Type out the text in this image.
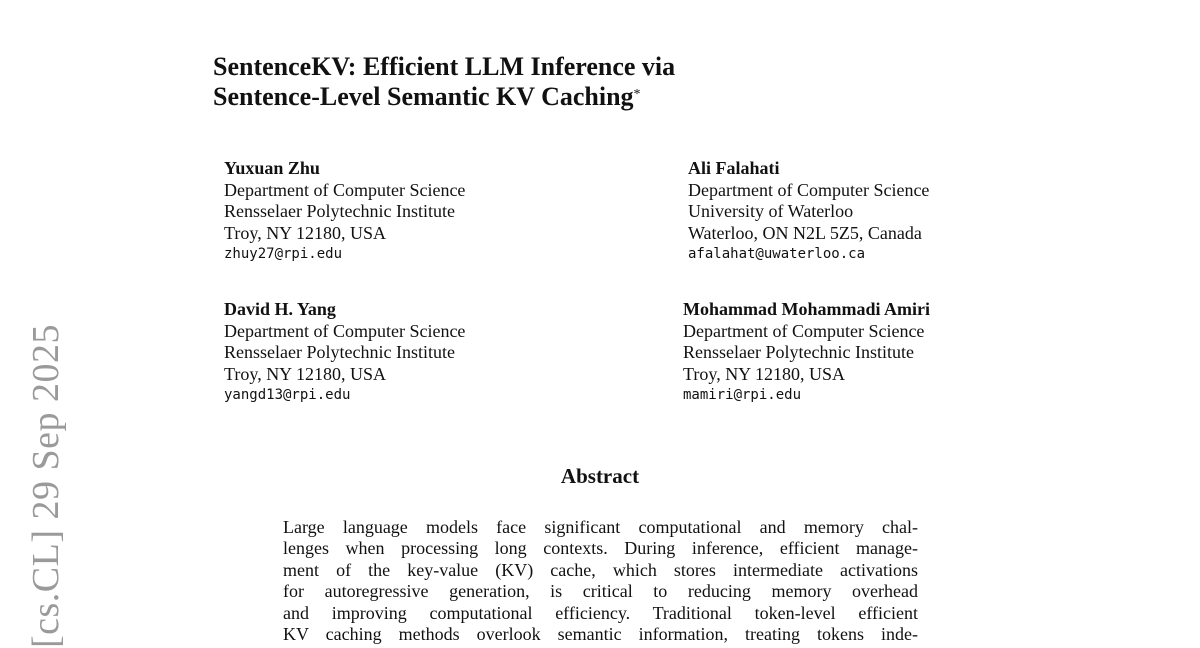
[cs.CL] 29 Sep 2025
SentenceKV: Efficient LLM Inference via
Sentence-Level Semantic KV Caching*
Yuxuan Zhu
Department of Computer Science
Rensselaer Polytechnic Institute
Troy, NY 12180, USA
zhuy27@rpi.edu
Ali Falahati
Department of Computer Science
University of Waterloo
Waterloo, ON N2L 5Z5, Canada
afalahat@uwaterloo.ca
David H. Yang
Department of Computer Science
Rensselaer Polytechnic Institute
Troy, NY 12180, USA
yangd13@rpi.edu
Mohammad Mohammadi Amiri
Department of Computer Science
Rensselaer Polytechnic Institute
Troy, NY 12180, USA
mamiri@rpi.edu
Abstract
Large language models face significant computational and memory chal-
lenges when processing long contexts. During inference, efficient manage-
ment of the key-value (KV) cache, which stores intermediate activations
for autoregressive generation, is critical to reducing memory overhead
and improving computational efficiency. Traditional token-level efficient
KV caching methods overlook semantic information, treating tokens inde-
